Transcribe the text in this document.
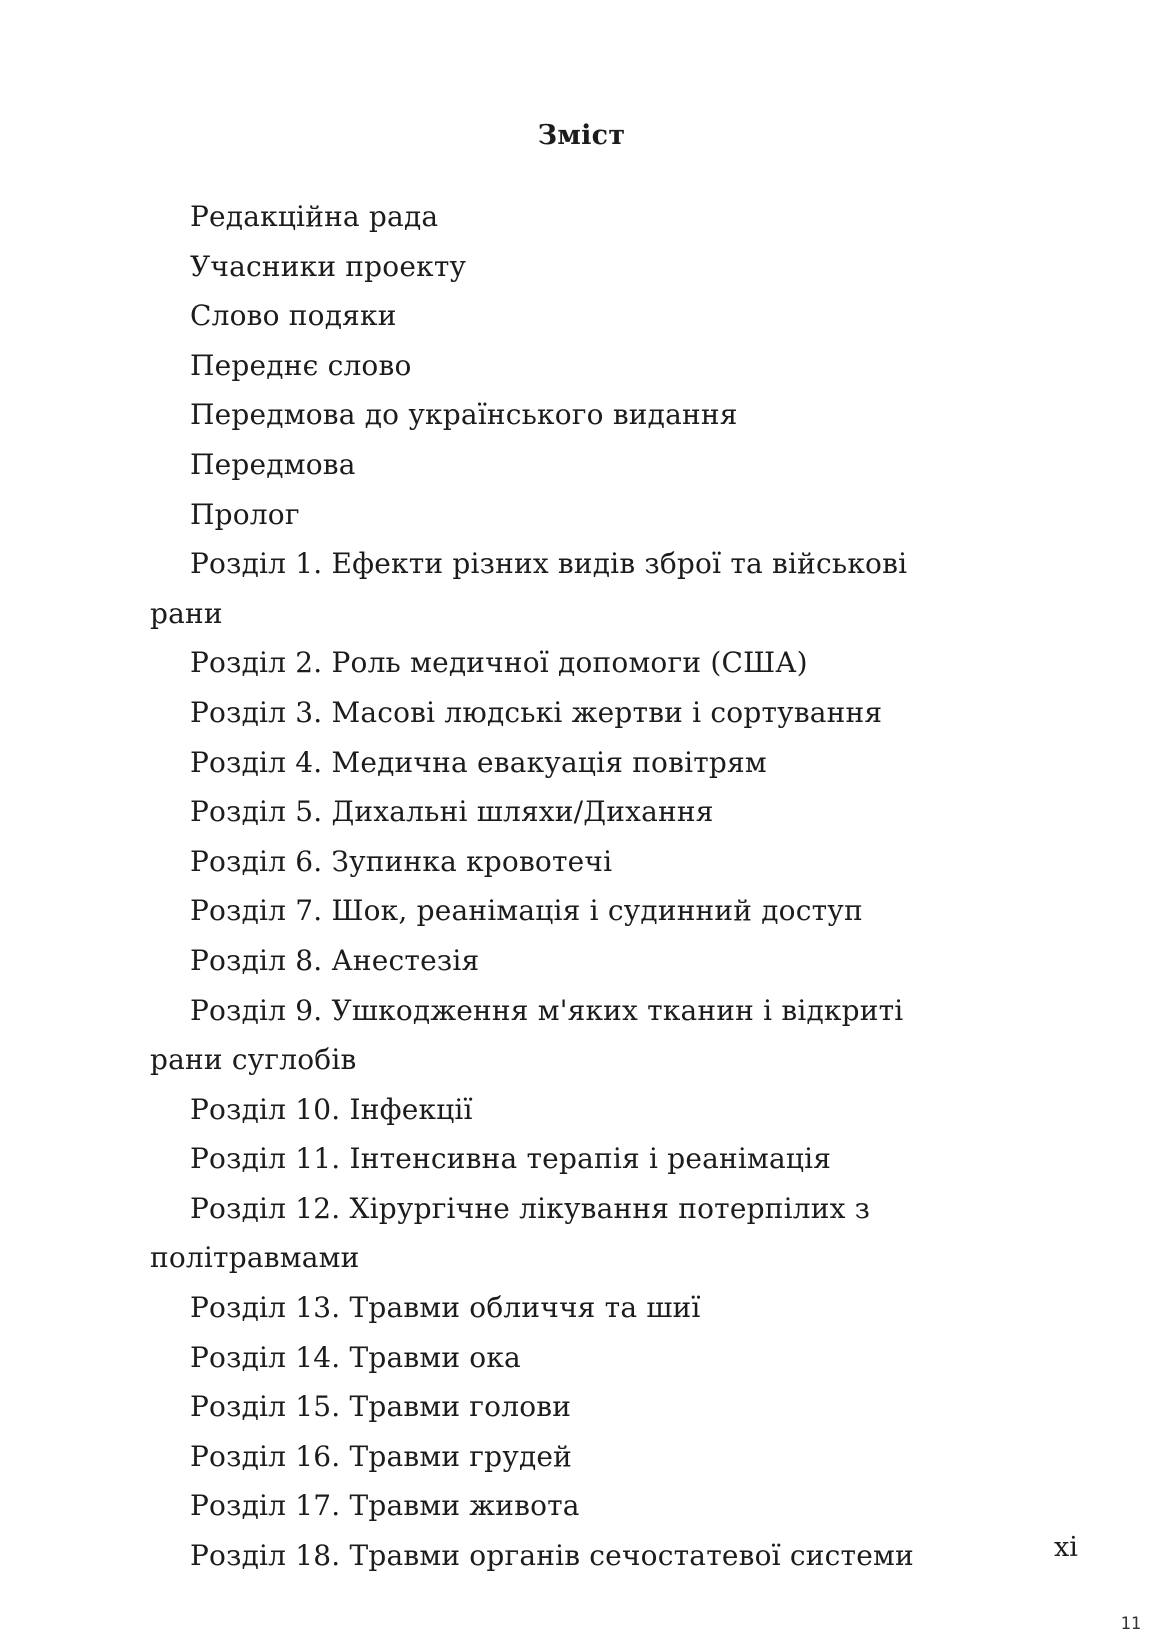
Зміст
Редакційна рада
Учасники проекту
Слово подяки
Переднє слово
Передмова до українського видання
Передмова
Пролог
Розділ 1. Ефекти різних видів зброї та військові рани
Розділ 2. Роль медичної допомоги (США)
Розділ 3. Масові людські жертви і сортування
Розділ 4. Медична евакуація повітрям
Розділ 5. Дихальні шляхи/Дихання
Розділ 6. Зупинка кровотечі
Розділ 7. Шок, реанімація і судинний доступ
Розділ 8. Анестезія
Розділ 9. Ушкодження м'яких тканин і відкриті рани суглобів
Розділ 10. Інфекції
Розділ 11. Інтенсивна терапія і реанімація
Розділ 12. Хірургічне лікування потерпілих з політравмами
Розділ 13. Травми обличчя та шиї
Розділ 14. Травми ока
Розділ 15. Травми голови
Розділ 16. Травми грудей
Розділ 17. Травми живота
Розділ 18. Травми органів сечостатевої системи	xi
11
